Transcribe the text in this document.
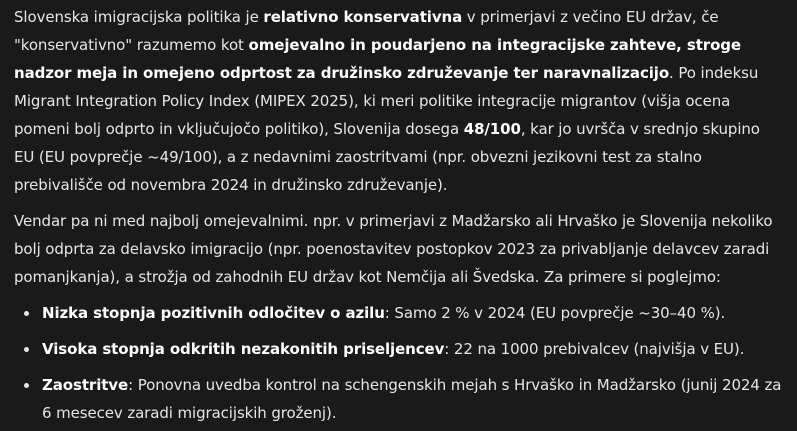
Slovenska imigracijska politika je relativno konservativna v primerjavi z večino EU držav, če "konservativno" razumemo kot omejevalno in poudarjeno na integracijske zahteve, stroge nadzor meja in omejeno odprtost za družinsko združevanje ter naravnalizacijo. Po indeksu Migrant Integration Policy Index (MIPEX 2025), ki meri politike integracije migrantov (višja ocena pomeni bolj odprto in vključujočo politiko), Slovenija dosega 48/100, kar jo uvršča v srednjo skupino EU (EU povprečje ~49/100), a z nedavnimi zaostritvami (npr. obvezni jezikovni test za stalno prebivališče od novembra 2024 in družinsko združevanje).

Vendar pa ni med najbolj omejevalnimi. npr. v primerjavi z Madžarsko ali Hrvaško je Slovenija nekoliko bolj odprta za delavsko imigracijo (npr. poenostavitev postopkov 2023 za privabljanje delavcev zaradi pomanjkanja), a strožja od zahodnih EU držav kot Nemčija ali Švedska. Za primere si poglejmo:

Nizka stopnja pozitivnih odločitev o azilu: Samo 2 % v 2024 (EU povprečje ~30–40 %).
Visoka stopnja odkritih nezakonitih priseljencev: 22 na 1000 prebivalcev (najvišja v EU).
Zaostritve: Ponovna uvedba kontrol na schengenskih mejah s Hrvaško in Madžarsko (junij 2024 za 6 mesecev zaradi migracijskih groženj).
